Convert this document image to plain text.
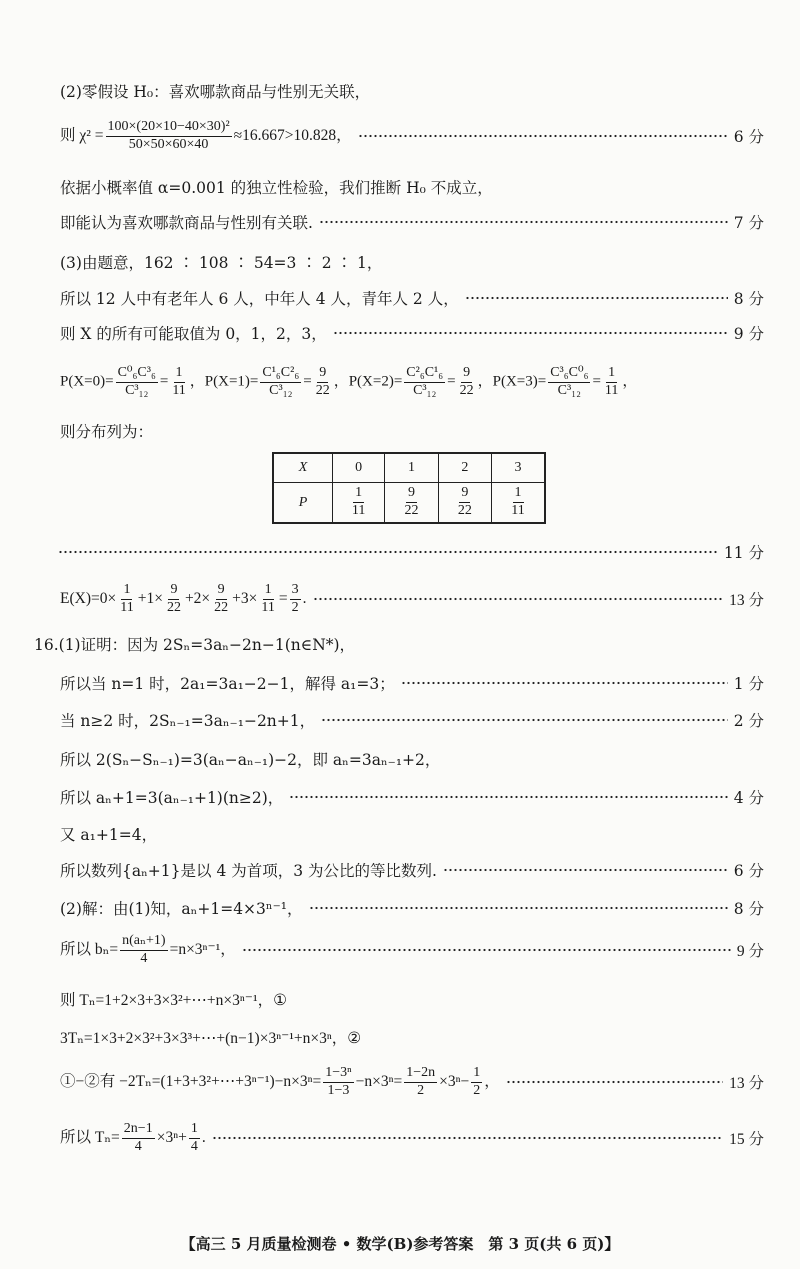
(2)零假设 H₀：喜欢哪款商品与性别无关联，
则 $\chi^2 = \frac{\text{100×(20×10−40×30)²}}{50\times 50\times 60\times 40} \approx 16.667>10.828$，	6 分
依据小概率值 α=0.001 的独立性检验，我们推断 H₀ 不成立，
即能认为喜欢哪款商品与性别有关联.	7 分
(3)由题意，162 ∶ 108 ∶ 54=3 ∶ 2 ∶ 1，
所以 12 人中有老年人 6 人，中年人 4 人，青年人 2 人，	8 分
则 X 的所有可能取值为 0，1，2，3，	9 分
$P(X=0)= \frac{\text{C⁰₆C³₆}}{\text{C³₁₂}} = \frac{1}{11}$ ，$P(X=1)= \frac{\text{C¹₆C²₆}}{\text{C³₁₂}} = \frac{9}{22}$ ，$P(X=2)= \frac{\text{C²₆C¹₆}}{\text{C³₁₂}} = \frac{9}{22}$ ，$P(X=3)= \frac{\text{C³₆C⁰₆}}{\text{C³₁₂}} = \frac{1}{11}$ ，
则分布列为：
X	0	1	2	3
P	$\frac{1}{11}$	$\frac{9}{22}$	$\frac{9}{22}$	$\frac{1}{11}$
11 分
$E(X)=0\times \frac{1}{11} +1\times \frac{9}{22} +2\times \frac{9}{22} +3\times \frac{1}{11} = \frac{3}{2}$ .	13 分
16.(1)证明：因为 2Sₙ=3aₙ−2n−1(n∈N*)，
所以当 n=1 时，2a₁=3a₁−2−1，解得 a₁=3；	1 分
当 n≥2 时，2Sₙ₋₁=3aₙ₋₁−2n+1，	2 分
所以 2(Sₙ−Sₙ₋₁)=3(aₙ−aₙ₋₁)−2，即 aₙ=3aₙ₋₁+2，
所以 aₙ+1=3(aₙ₋₁+1)(n≥2)，	4 分
又 a₁+1=4，
所以数列{aₙ+1}是以 4 为首项，3 为公比的等比数列.	6 分
(2)解：由(1)知，aₙ+1=4×3ⁿ⁻¹，	8 分
所以 $b_n= \frac{\text{n(aₙ+1)}}{4} =n\times 3^{n-1}$，	9 分
则 Tₙ=1+2×3+3×3²+⋯+n×3ⁿ⁻¹，①
3Tₙ=1×3+2×3²+3×3³+⋯+(n−1)×3ⁿ⁻¹+n×3ⁿ，②
①−②有 −2Tₙ=(1+3+3²+⋯+3ⁿ⁻¹)−n×3ⁿ= $\frac{\text{1−3ⁿ}}{1-3} -n\times 3^n= \frac{1-2n}{2} \times 3^n- \frac{1}{2}$ ，	13 分
所以 $T_n= \frac{2n-1}{4} \times 3^n+ \frac{1}{4}$ .	15 分
【高三 5 月质量检测卷 • 数学(B)参考答案　第 3 页(共 6 页)】
